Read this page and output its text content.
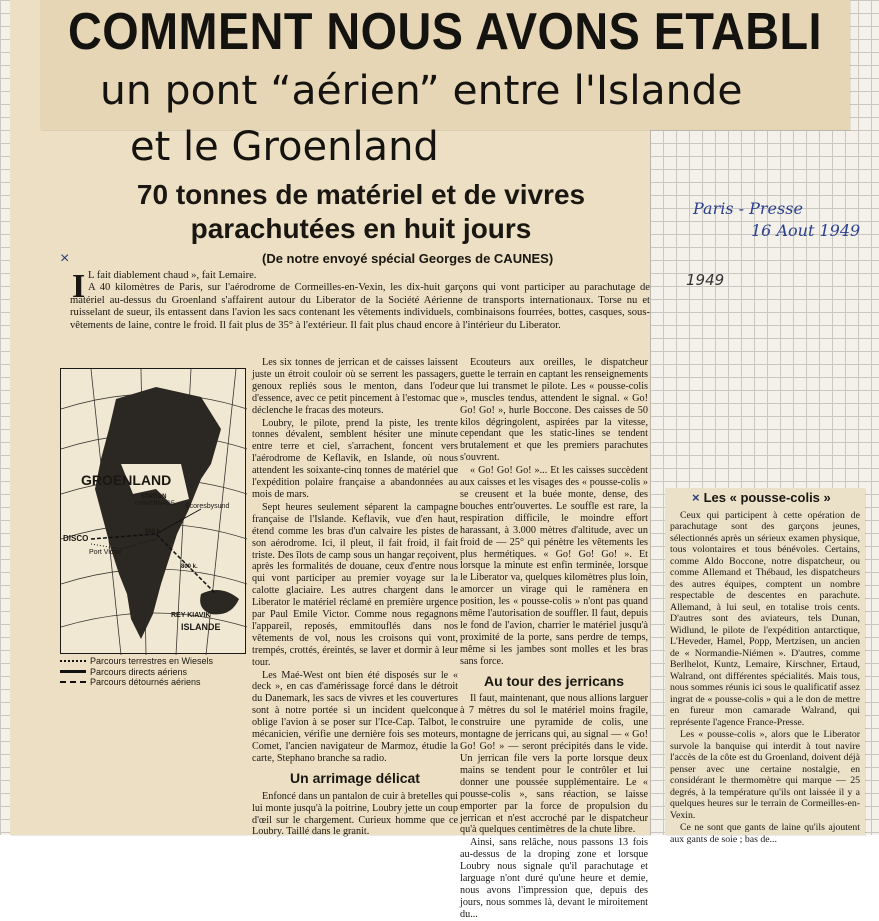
COMMENT NOUS AVONS ETABLI
un pont “aérien” entre l'Islande
et le Groenland
70 tonnes de matériel et de vivres parachutées en huit jours
×	(De notre envoyé spécial Georges de CAUNES)
Paris - Presse
16 Aout 1949
1949
I L fait diablement chaud », fait Lemaire.

A 40 kilomètres de Paris, sur l'aérodrome de Cormeilles-en-Vexin, les dix-huit garçons qui vont participer au parachutage de matériel au-dessus du Groenland s'affairent autour du Liberator de la Société Aérienne de transports internationaux. Torse nu et ruisselant de sueur, ils entassent dans l'avion les sacs contenant les vêtements individuels, combinaisons fourrées, bottes, casques, sous-vêtements de laine, contre le froid. Il fait plus de 35° à l'extérieur. Il fait plus chaud encore à l'intérieur du Liberator.

GROENLAND
STATION
d'HIVERNAGE Scoresbysund
DISCO
Port Victor
500 k.
800 k.
REY KIAVIK
ISLANDE
Parcours terrestres en Wiesels
Parcours directs aériens
Parcours détournés aériens

Les six tonnes de jerrican et de caisses laissent juste un étroit couloir où se serrent les passagers, genoux repliés sous le menton, dans l'odeur d'essence, avec ce petit pincement à l'estomac que déclenche le fracas des moteurs.

Loubry, le pilote, prend la piste, les trente tonnes dévalent, semblent hésiter une minute entre terre et ciel, s'arrachent, foncent vers l'aérodrome de Keflavik, en Islande, où nous attendent les soixante-cinq tonnes de matériel que l'expédition polaire française a abandonnées au mois de mars.

Sept heures seulement séparent la campagne française de l'Islande. Keflavik, vue d'en haut, étend comme les bras d'un calvaire les pistes de son aérodrome. Ici, il pleut, il fait froid, il fait triste. Des îlots de camp sous un hangar reçoivent, après les formalités de douane, ceux d'entre nous qui vont participer au premier voyage sur la calotte glaciaire. Les autres chargent dans le Liberator le matériel réclamé en première urgence par Paul Emile Victor. Comme nous regagnons l'appareil, reposés, emmitouflés dans nos vêtements de vol, nous les croisons qui vont, trempés, crottés, éreintés, se laver et dormir à leur tour.

Les Maé-West ont bien été disposés sur le « deck », en cas d'amérissage forcé dans le détroit du Danemark, les sacs de vivres et les couvertures sont à notre portée si un incident quelconque oblige l'avion à se poser sur l'Ice-Cap. Talbot, le mécanicien, vérifie une dernière fois ses moteurs, Comet, l'ancien navigateur de Marmoz, étudie la carte, Stephano branche sa radio.

Un arrimage délicat

Enfoncé dans un pantalon de cuir à bretelles qui lui monte jusqu'à la poitrine, Loubry jette un coup d'œil sur le chargement. Curieux homme que ce Loubry. Taillé dans le granit.

Ecouteurs aux oreilles, le dispatcheur guette le terrain en captant les renseignements que lui transmet le pilote. Les « pousse-colis », muscles tendus, attendent le signal. « Go! Go! Go! », hurle Boccone. Des caisses de 50 kilos dégringolent, aspirées par la vitesse, cependant que les static-lines se tendent brutalement et que les premiers parachutes s'ouvrent.

« Go! Go! Go! »... Et les caisses succèdent aux caisses et les visages des « pousse-colis » se creusent et la buée monte, dense, des bouches entr'ouvertes. Le souffle est rare, la respiration difficile, le moindre effort harassant, à 3.000 mètres d'altitude, avec un froid de — 25° qui pénètre les vêtements les plus hermétiques. « Go! Go! Go! ». Et lorsque la minute est enfin terminée, lorsque le Liberator va, quelques kilomètres plus loin, amorcer un virage qui le ramènera en position, les « pousse-colis » n'ont pas quand même l'autorisation de souffler. Il faut, depuis le fond de l'avion, charrier le matériel jusqu'à proximité de la porte, sans perdre de temps, même si les jambes sont molles et les bras sans force.

Au tour des jerricans

Il faut, maintenant, que nous allions larguer à 7 mètres du sol le matériel moins fragile, construire une pyramide de colis, une montagne de jerricans qui, au signal — « Go! Go! Go! » — seront précipités dans le vide. Un jerrican file vers la porte lorsque deux mains se tendent pour le contrôler et lui donner une poussée supplémentaire. Le « pousse-colis », sans réaction, se laisse emporter par la force de propulsion du jerrican et n'est accroché par le dispatcheur qu'à quelques centimètres de la chute libre.

Ainsi, sans relâche, nous passons 13 fois au-dessus de la droping zone et lorsque Loubry nous signale qu'il parachutage et larguage n'ont duré qu'une heure et demie, nous avons l'impression que, depuis des jours, nous sommes là, devant le miroitement du...

× Les « pousse-colis »

Ceux qui participent à cette opération de parachutage sont des garçons jeunes, sélectionnés après un sérieux examen physique, tous volontaires et tous bénévoles. Certains, comme Aldo Boccone, notre dispatcheur, ou comme Allemand et Thébaud, les dispatcheurs des autres équipes, comptent un nombre respectable de descentes en parachute. Allemand, à lui seul, en totalise trois cents. D'autres sont des aviateurs, tels Dunan, Widlund, le pilote de l'expédition antarctique, L'Heveder, Hamel, Popp, Mertzisen, un ancien de « Normandie-Niémen ». D'autres, comme Berlhelot, Kuntz, Lemaire, Kirschner, Ertaud, Walrand, ont différentes spécialités. Mais tous, nous sommes réunis ici sous le qualificatif assez ingrat de « pousse-colis » qui a le don de mettre en fureur mon camarade Walrand, qui représente l'agence France-Presse.

Les « pousse-colis », alors que le Liberator survole la banquise qui interdit à tout navire l'accès de la côte est du Groenland, doivent déjà penser avec une certaine nostalgie, en considérant le thermomètre qui marque — 25 degrés, à la température qu'ils ont laissée il y a quelques heures sur le terrain de Cormeilles-en-Vexin.

Ce ne sont que gants de laine qu'ils ajoutent aux gants de soie ; bas de...
